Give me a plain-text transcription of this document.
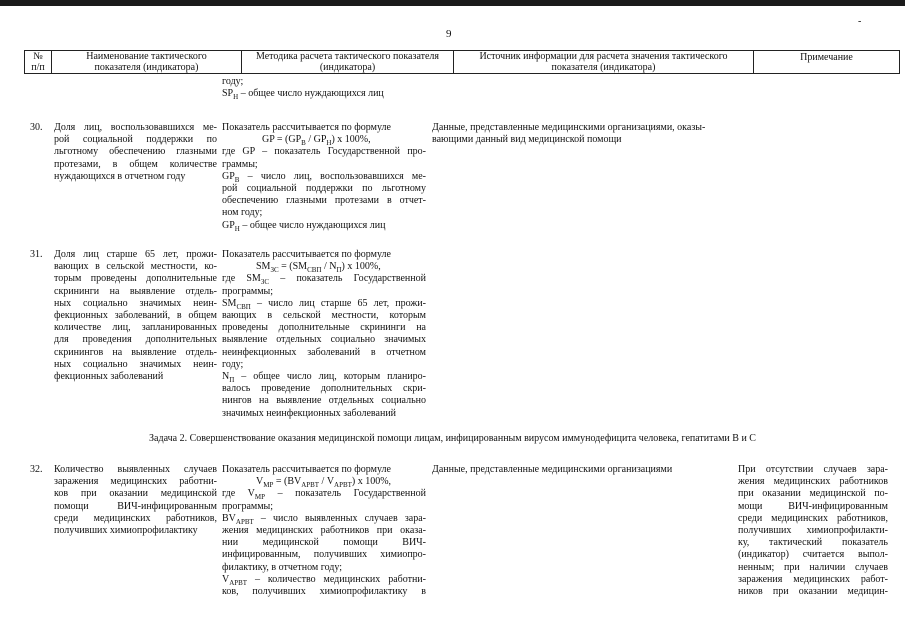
9
-
№
п/п
Наименование тактического
показателя (индикатора)
Методика расчета тактического показателя
(индикатора)
Источник информации для расчета значения тактического
показателя (индикатора)
Примечание
году;
$SP_Н$ – общее число нуждающихся лиц
30. Доля лиц, воспользовавшихся ме-
рой социальной поддержки по
льготному обеспечению глазными
протезами, в общем количестве
нуждающихся в отчетном году
Показатель рассчитывается по формуле
GP = $(GP_В / GP_Н)$ х 100%,
где GP – показатель Государственной про-
граммы;
$GP_В$ – число лиц, воспользовавшихся ме-
рой социальной поддержки по льготному
обеспечению глазными протезами в отчет-
ном году;
$GP_Н$ – общее число нуждающихся лиц
Данные, представленные медицинскими организациями, оказы-
вающими данный вид медицинской помощи
31. Доля лиц старше 65 лет, прожи-
вающих в сельской местности, ко-
торым проведены дополнительные
скрининги на выявление отдель-
ных социально значимых неин-
фекционных заболеваний, в общем
количестве лиц, запланированных
для проведения дополнительных
скринингов на выявление отдель-
ных социально значимых неин-
фекционных заболеваний
Показатель рассчитывается по формуле
$SM_{ЗС} = (SM_{СВП} / N_П)$ х 100%,
где $SM_{ЗС}$ – показатель Государственной
программы;
$SM_{СВП}$ – число лиц старше 65 лет, прожи-
вающих в сельской местности, которым
проведены дополнительные скрининги на
выявление отдельных социально значимых
неинфекционных заболеваний в отчетном
году;
$N_П$ – общее число лиц, которым планиро-
валось проведение дополнительных скри-
нингов на выявление отдельных социально
значимых неинфекционных заболеваний
Задача 2. Совершенствование оказания медицинской помощи лицам, инфицированным вирусом иммунодефицита человека, гепатитами В и С
32. Количество выявленных случаев
заражения медицинских работни-
ков при оказании медицинской
помощи ВИЧ-инфицированным
среди медицинских работников,
получивших химиопрофилактику
Показатель рассчитывается по формуле
$V_{МР} = (BV_{АРВТ} / V_{АРВТ})$ х 100%,
где $V_{МР}$ – показатель Государственной
программы;
$BV_{АРВТ}$ – число выявленных случаев зара-
жения медицинских работников при оказа-
нии медицинской помощи ВИЧ-
инфицированным, получивших химиопро-
филактику, в отчетном году;
$V_{АРВТ}$ – количество медицинских работни-
ков, получивших химиопрофилактику в
Данные, представленные медицинскими организациями	При отсутствии случаев зара-
жения медицинских работников
при оказании медицинской по-
мощи ВИЧ-инфицированным
среди медицинских работников,
получивших химиопрофилакти-
ку, тактический показатель
(индикатор) считается выпол-
ненным; при наличии случаев
заражения медицинских работ-
ников при оказании медицин-
